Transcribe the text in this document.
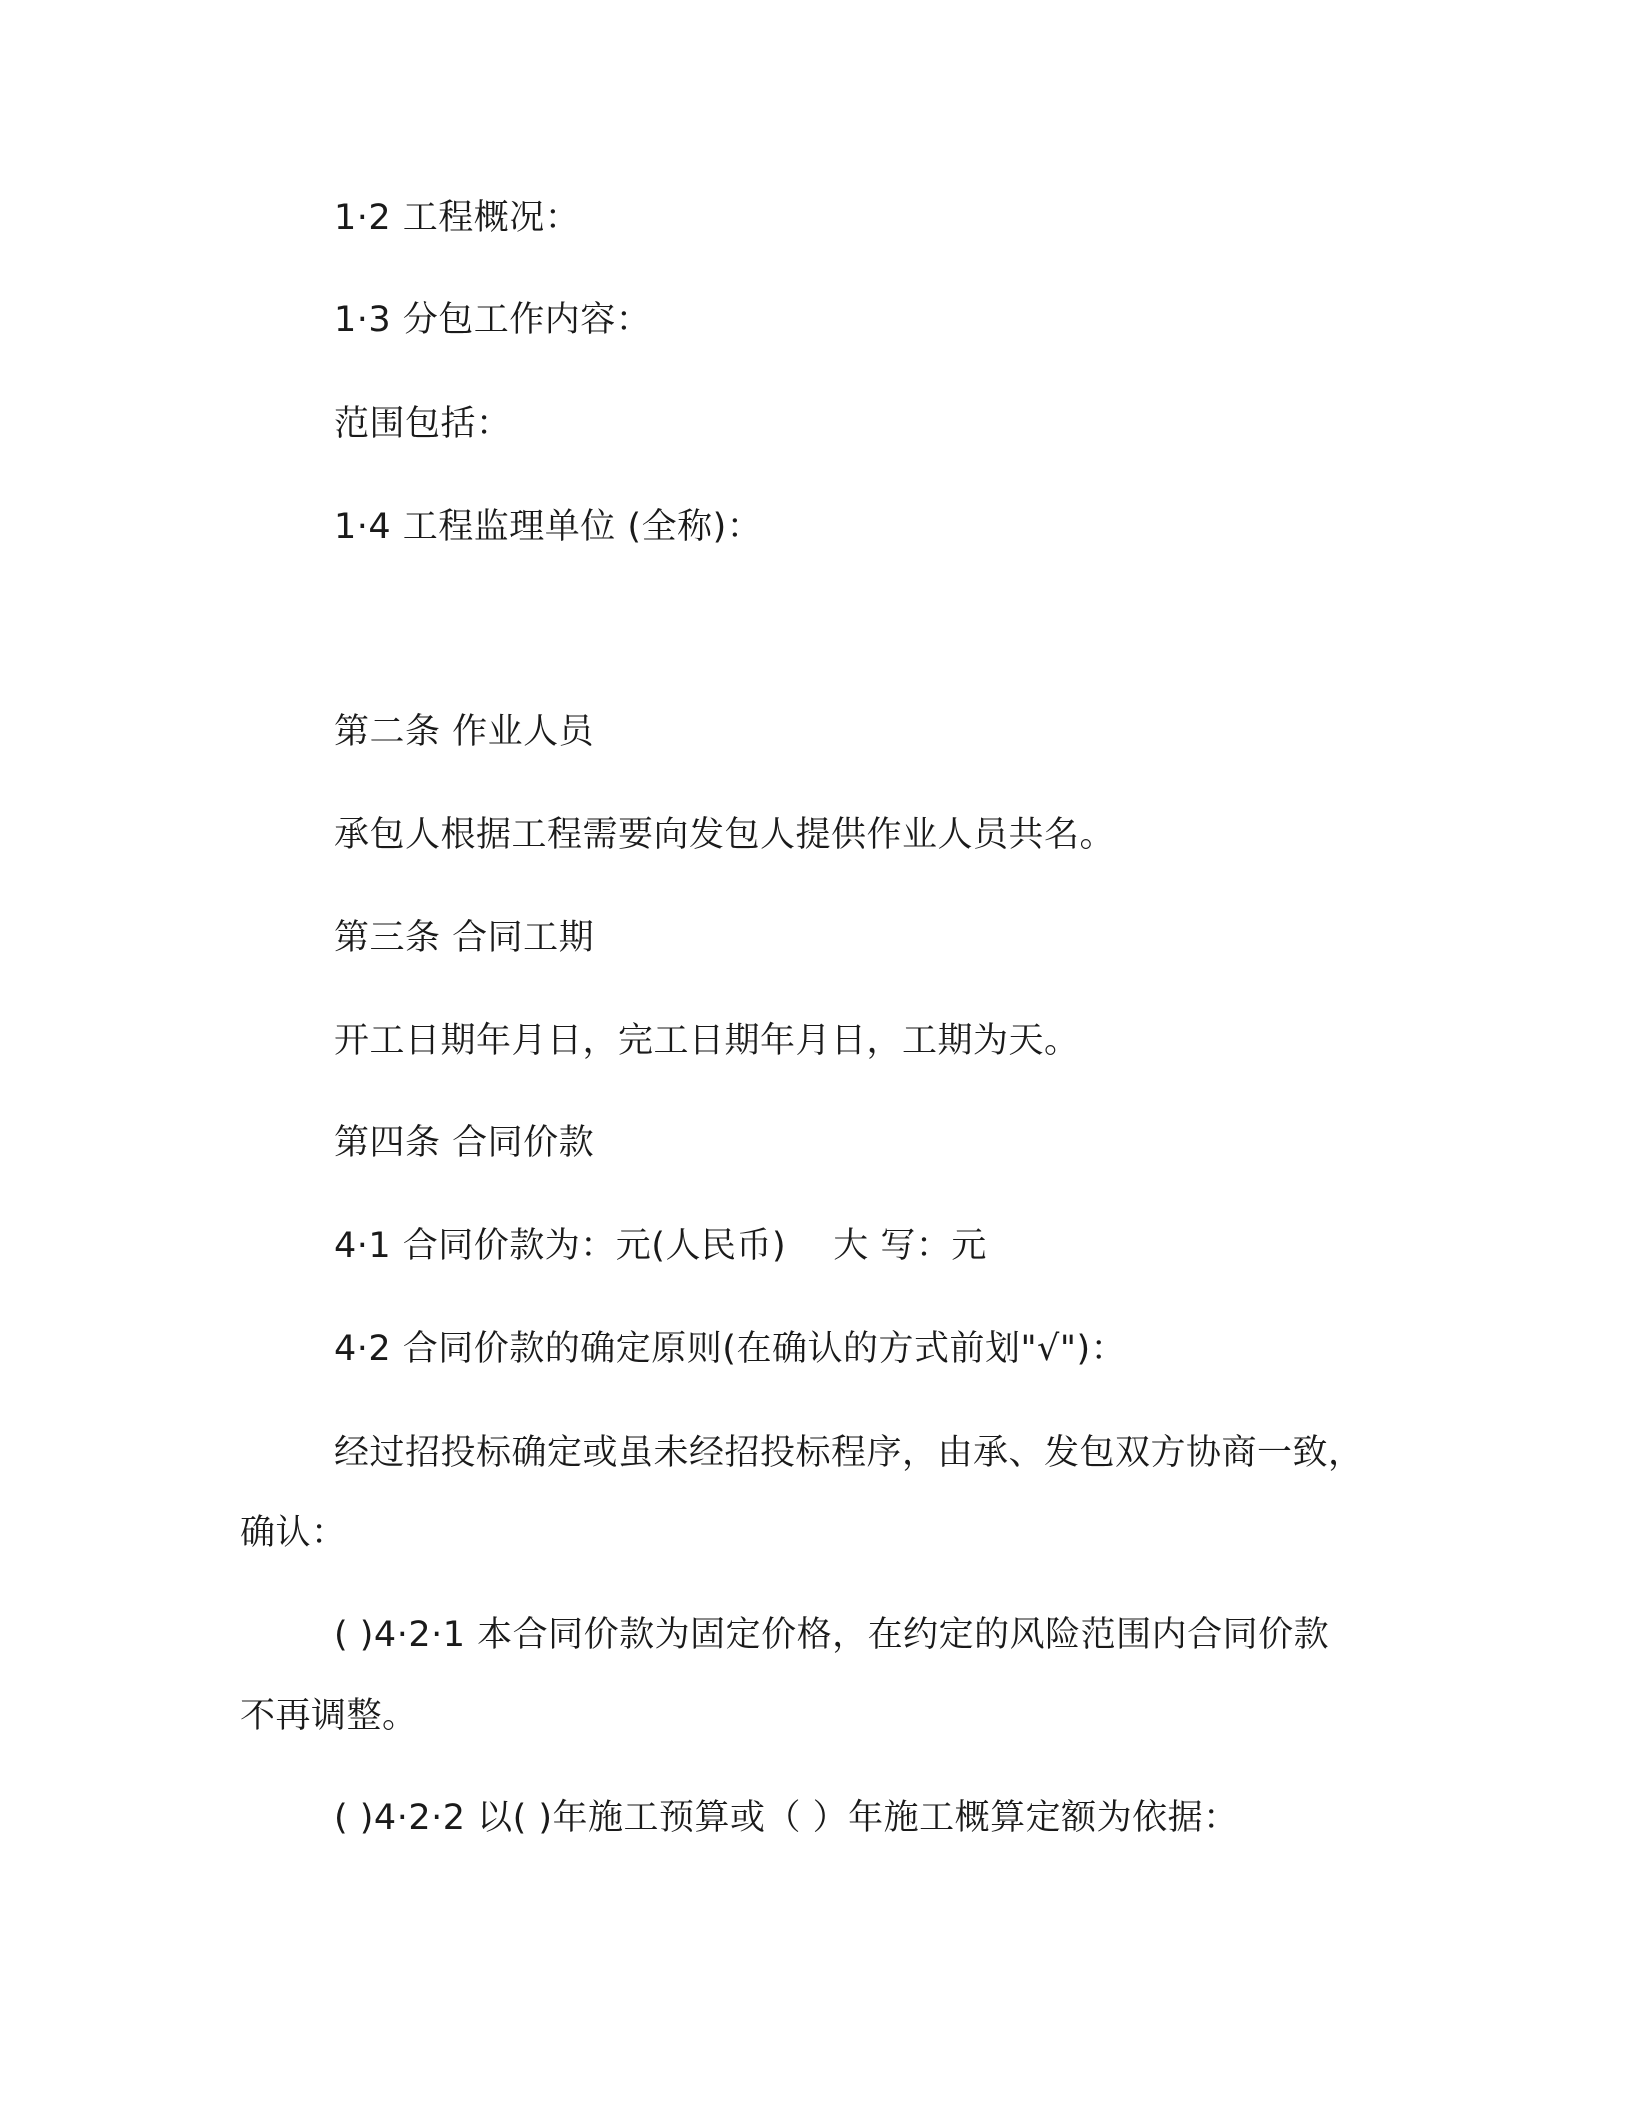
1·2 工程概况：
1·3 分包工作内容：
范围包括：
1·4 工程监理单位 (全称)：
第二条 作业人员
承包人根据工程需要向发包人提供作业人员共名。
第三条 合同工期
开工日期年月日，完工日期年月日，工期为天。
第四条 合同价款
4·1 合同价款为：元(人民币)　 大 写：元
4·2 合同价款的确定原则(在确认的方式前划"√")：
经过招投标确定或虽未经招投标程序，由承、发包双方协商一致，
确认：
( )4·2·1 本合同价款为固定价格，在约定的风险范围内合同价款
不再调整。
( )4·2·2 以( )年施工预算或（ ）年施工概算定额为依据：
